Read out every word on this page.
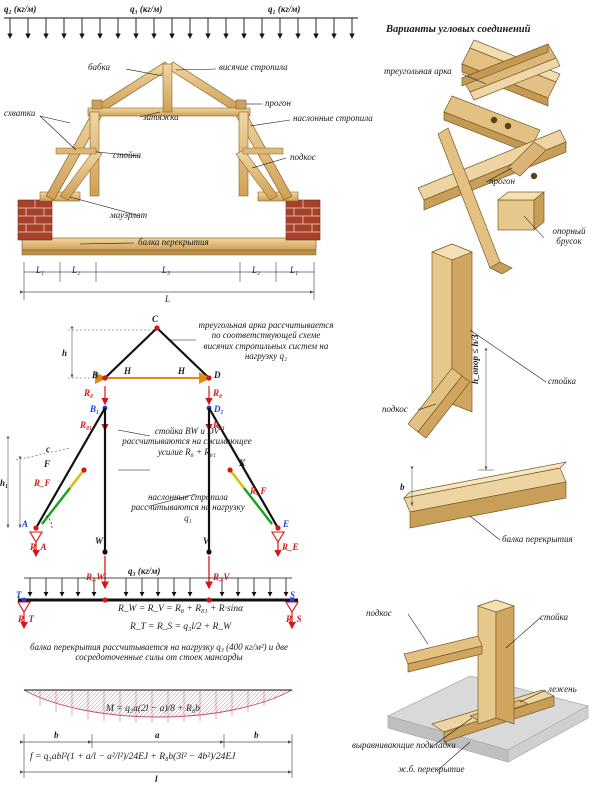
q₂ (кг/м)	q₃ (кг/м)	q₁ (кг/м)
бабка	висячие стропила
схватки	затяжка
прогон
наслонные стропила
стойка	подкос
мауэрлат
балка перекрытия
L₁	L₂	L₃	L₂	L₁
L
C
B	D
B₁	D₁
A	E
F	K
W	V
T	S
H	H
R₈	R₈
R₈₁	R₈₁
c
R_F
R_F
R_A	R_E
R_W	R_V
R_T	R_S
h
h₁
q₃ (кг/м)
треугольная арка рассчитывается по соответствующей схеме висячих стропильных систем на нагрузку q₂
стойка BW и DV рассчитываются на сжимающее усилие R₈ + R₈₁
наслонные стропила рассчитываются на нагрузку q₁
балка перекрытия рассчитывается на нагрузку q₃ (400 кг/м²) и две сосредоточенные силы от стоек мансарды
R_W = R_V = R₈ + R₈₁ + R·sinα
R_T = R_S = q₃l/2 + R_W
M = q₃a(2l − a)/8 + R₈b
f = q₃abl²(1 + a/l − a²/l²)/24EJ + R₈b(3l² − 4b²)/24EJ
b	a	b
l
Варианты угловых соединений
треугольная арка
прогон
опорный брусок
стойка
подкос
балка перекрытия
подкос	стойка
лежень
выравнивающие подкладки
ж.б. перекрытие
h_опор ≤ h/3
b
